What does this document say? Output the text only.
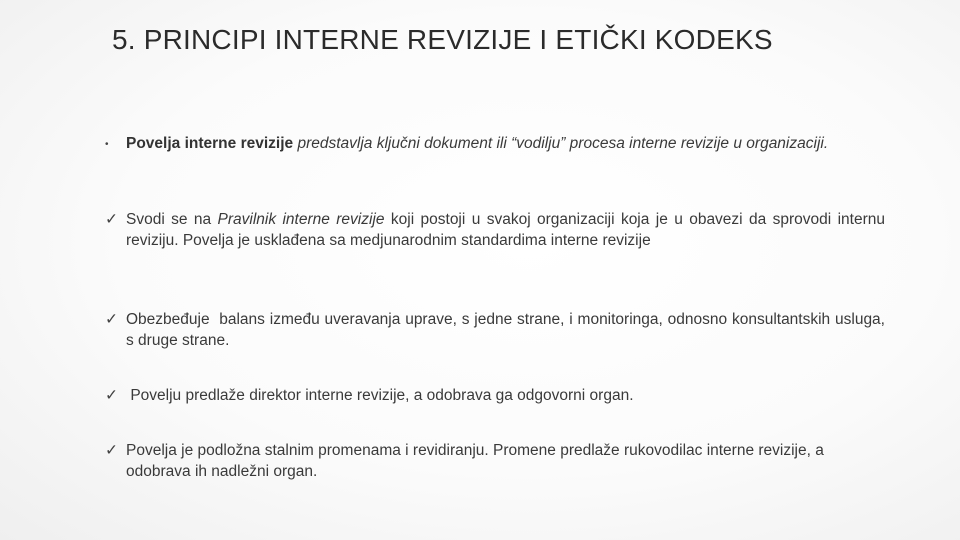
5. PRINCIPI INTERNE REVIZIJE I ETIČKI KODEKS
•	Povelja interne revizije predstavlja ključni dokument ili “vodilju” procesa interne revizije u organizaciji.
✓ Svodi se na Pravilnik interne revizije koji postoji u svakoj organizaciji koja je u obavezi da sprovodi internu reviziju. Povelja je usklađena sa medjunarodnim standardima interne revizije
✓ Obezbeđuje  balans između uveravanja uprave, s jedne strane, i monitoringa, odnosno konsultantskih usluga, s druge strane.
✓ Povelju predlaže direktor interne revizije, a odobrava ga odgovorni organ.
✓ Povelja je podložna stalnim promenama i revidiranju. Promene predlaže rukovodilac interne revizije, a odobrava ih nadležni organ.
